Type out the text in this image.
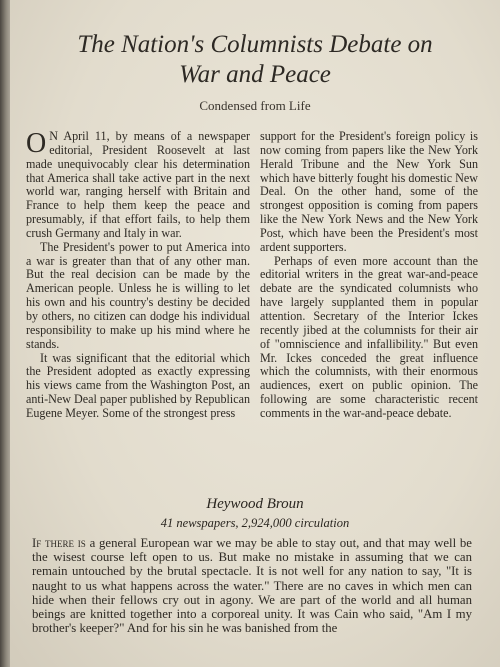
The Nation's Columnists Debate on
War and Peace
Condensed from Life

O N April 11, by means of a newspaper editorial, President Roosevelt at last made unequivocably clear his determination that America shall take active part in the next world war, ranging herself with Britain and France to help them keep the peace and presumably, if that effort fails, to help them crush Germany and Italy in war.

The President's power to put America into a war is greater than that of any other man. But the real decision can be made by the American people. Unless he is willing to let his own and his country's destiny be decided by others, no citizen can dodge his individual responsibility to make up his mind where he stands.

It was significant that the editorial which the President adopted as exactly expressing his views came from the Washington Post, an anti-New Deal paper published by Republican Eugene Meyer. Some of the strongest press

support for the President's foreign policy is now coming from papers like the New York Herald Tribune and the New York Sun which have bitterly fought his domestic New Deal. On the other hand, some of the strongest opposition is coming from papers like the New York News and the New York Post, which have been the President's most ardent supporters.

Perhaps of even more account than the editorial writers in the great war-and-peace debate are the syndicated columnists who have largely supplanted them in popular attention. Secretary of the Interior Ickes recently jibed at the columnists for their air of "omniscience and infallibility." But even Mr. Ickes conceded the great influence which the columnists, with their enormous audiences, exert on public opinion. The following are some characteristic recent comments in the war-and-peace debate.

Heywood Broun
41 newspapers, 2,924,000 circulation
If there is a general European war we may be able to stay out, and that may well be the wisest course left open to us. But make no mistake in assuming that we can remain untouched by the brutal spectacle. It is not well for any nation to say, "It is naught to us what happens across the water." There are no caves in which men can hide when their fellows cry out in agony. We are part of the world and all human beings are knitted together into a corporeal unity. It was Cain who said, "Am I my brother's keeper?" And for his sin he was banished from the
